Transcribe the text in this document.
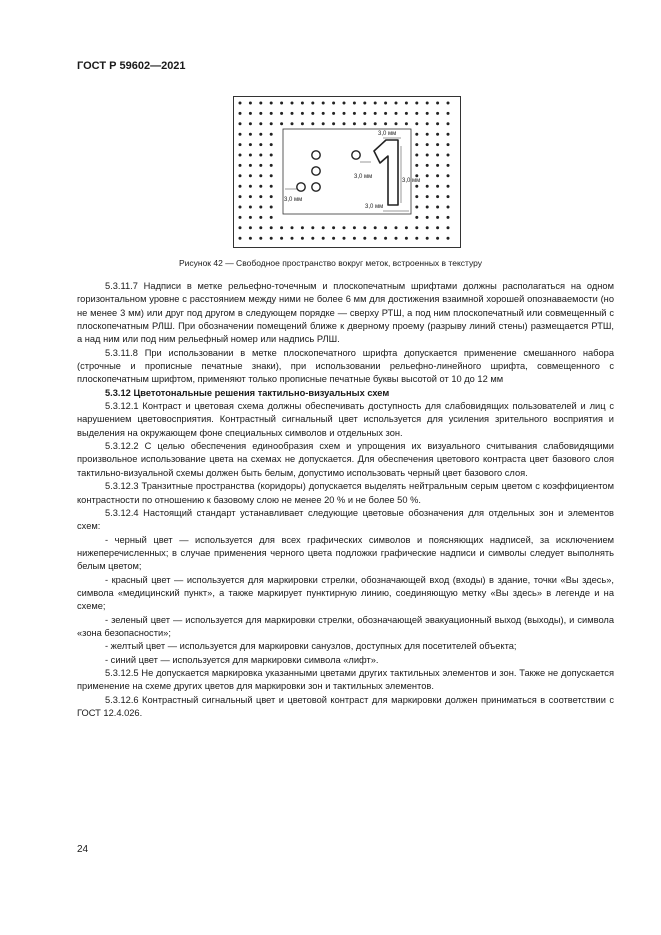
ГОСТ Р 59602—2021
3,0 мм
3,0 мм
3,0 мм
3,0 мм
3,0 мм
Рисунок 42 — Свободное пространство вокруг меток, встроенных в текстуру

5.3.11.7 Надписи в метке рельефно-точечным и плоскопечатным шрифтами должны располагаться на одном горизонтальном уровне с расстоянием между ними не более 6 мм для достижения взаимной хорошей опознаваемости (но не менее 3 мм) или друг под другом в следующем порядке — сверху РТШ, а под ним плоскопечатный или совмещенный с плоскопечатным РЛШ. При обозначении помещений ближе к дверному проему (разрыву линий стены) размещается РТШ, а над ним или под ним рельефный номер или надпись РЛШ.

5.3.11.8 При использовании в метке плоскопечатного шрифта допускается применение смешанного набора (строчные и прописные печатные знаки), при использовании рельефно-линейного шрифта, совмещенного с плоскопечатным шрифтом, применяют только прописные печатные буквы высотой от 10 до 12 мм

5.3.12 Цветотональные решения тактильно-визуальных схем

5.3.12.1 Контраст и цветовая схема должны обеспечивать доступность для слабовидящих пользователей и лиц с нарушением цветовосприятия. Контрастный сигнальный цвет используется для усиления зрительного восприятия и выделения на окружающем фоне специальных символов и отдельных зон.

5.3.12.2 С целью обеспечения единообразия схем и упрощения их визуального считывания слабовидящими произвольное использование цвета на схемах не допускается. Для обеспечения цветового контраста цвет базового слоя тактильно-визуальной схемы должен быть белым, допустимо использовать черный цвет базового слоя.

5.3.12.3 Транзитные пространства (коридоры) допускается выделять нейтральным серым цветом с коэффициентом контрастности по отношению к базовому слою не менее 20 % и не более 50 %.

5.3.12.4 Настоящий стандарт устанавливает следующие цветовые обозначения для отдельных зон и элементов схем:

- черный цвет — используется для всех графических символов и поясняющих надписей, за исключением нижеперечисленных; в случае применения черного цвета подложки графические надписи и символы следует выполнять белым цветом;

- красный цвет — используется для маркировки стрелки, обозначающей вход (входы) в здание, точки «Вы здесь», символа «медицинский пункт», а также маркирует пунктирную линию, соединяющую метку «Вы здесь» в легенде и на схеме;

- зеленый цвет — используется для маркировки стрелки, обозначающей эвакуационный выход (выходы), и символа «зона безопасности»;

- желтый цвет — используется для маркировки санузлов, доступных для посетителей объекта;

- синий цвет — используется для маркировки символа «лифт».

5.3.12.5 Не допускается маркировка указанными цветами других тактильных элементов и зон. Также не допускается применение на схеме других цветов для маркировки зон и тактильных элементов.

5.3.12.6 Контрастный сигнальный цвет и цветовой контраст для маркировки должен приниматься в соответствии с ГОСТ 12.4.026.

24
